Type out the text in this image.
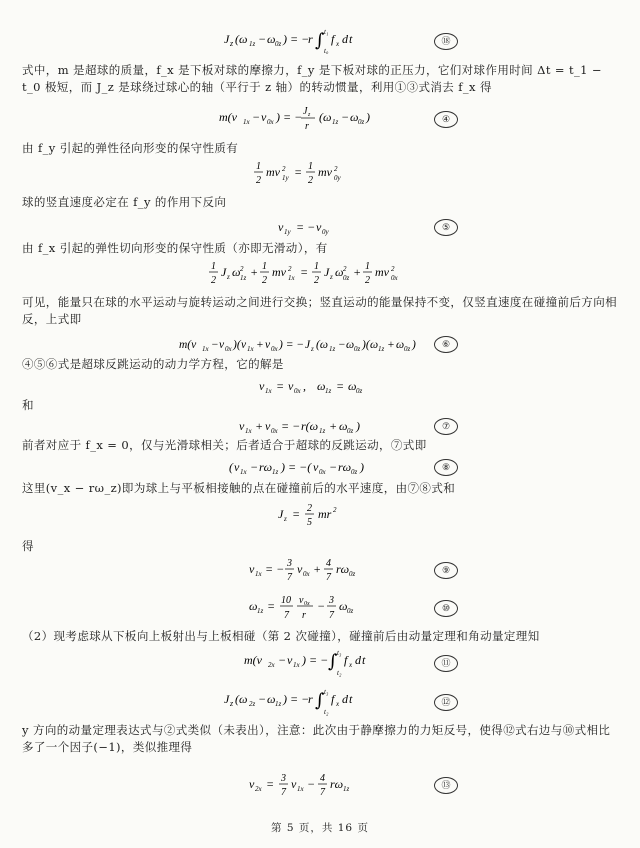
J z (ω 1z − ω 0z ) = −
r ∫ t₁
t₀
f x d t	⑱
式中，m 是超球的质量，f_x 是下板对球的摩擦力，f_y 是下板对球的正压力，它们对球作用时间 Δt = t_1 − t_0 极短，而 J_z 是球绕过球心的轴（平行于 z 轴）的转动惯量，利用①③式消去 f_x 得
m(v 1x − v 0x ) = − J z
r
(ω 1z − ω 0z )	④
由 f_y 引起的弹性径向形变的保守性质有
1
2
mv 2
1y = 1
2
mv 2
0y
球的竖直速度必定在 f_y 的作用下反向
v 1y = − v 0y	⑤
由 f_x 引起的弹性切向形变的保守性质（亦即无滑动），有
1
2
J z ω 2
1z + 1
2
mv 2
1x = 1
2
J z ω 2
0z + 1
2
mv 2
0x
可见，能量只在球的水平运动与旋转运动之间进行交换；竖直运动的能量保持不变，仅竖直速度在碰撞前后方向相反，上式即
m(v 1x − v 0x )( v 1x + v 0x ) = − J z (ω 1z − ω 0z )( ω 1z + ω 0z )	⑥
④⑤⑥式是超球反跳运动的动力学方程，它的解是
v 1x = v 0x , ω 1z = ω 0z
和
v 1x + v 0x = − r(ω 1z + ω 0z )	⑦
前者对应于 f_x = 0，仅与光滑球相关；后者适合于超球的反跳运动，⑦式即
( v 1x − rω 1z ) = −( v 0x − rω 0z )	⑧
这里(v_x − rω_z)即为球上与平板相接触的点在碰撞前后的水平速度，由⑦⑧式和
J z = 2
5
mr 2
得
v 1x = − 3
7
v 0x + 4
7
rω 0z	⑨
ω 1z = 10
7
v 0x
r
− 3
7
ω 0z	⑩
（2）现考虑球从下板向上板射出与上板相碰（第 2 次碰撞），碰撞前后由动量定理和角动量定理知
m(v 2x − v 1x ) = − ∫ t₃
t₂
f x d t	⑪
J z (ω 2z − ω 1z ) = −
r ∫ t₃
t₂
f x d t	⑫
y 方向的动量定理表达式与②式类似（未表出），注意：此次由于静摩擦力的力矩反号，使得⑫式右边与⑩式相比多了一个因子(−1)，类似推理得
v 2x = 3
7
v 1x − 4
7
rω 1z	⑬
第 5 页，共 16 页
